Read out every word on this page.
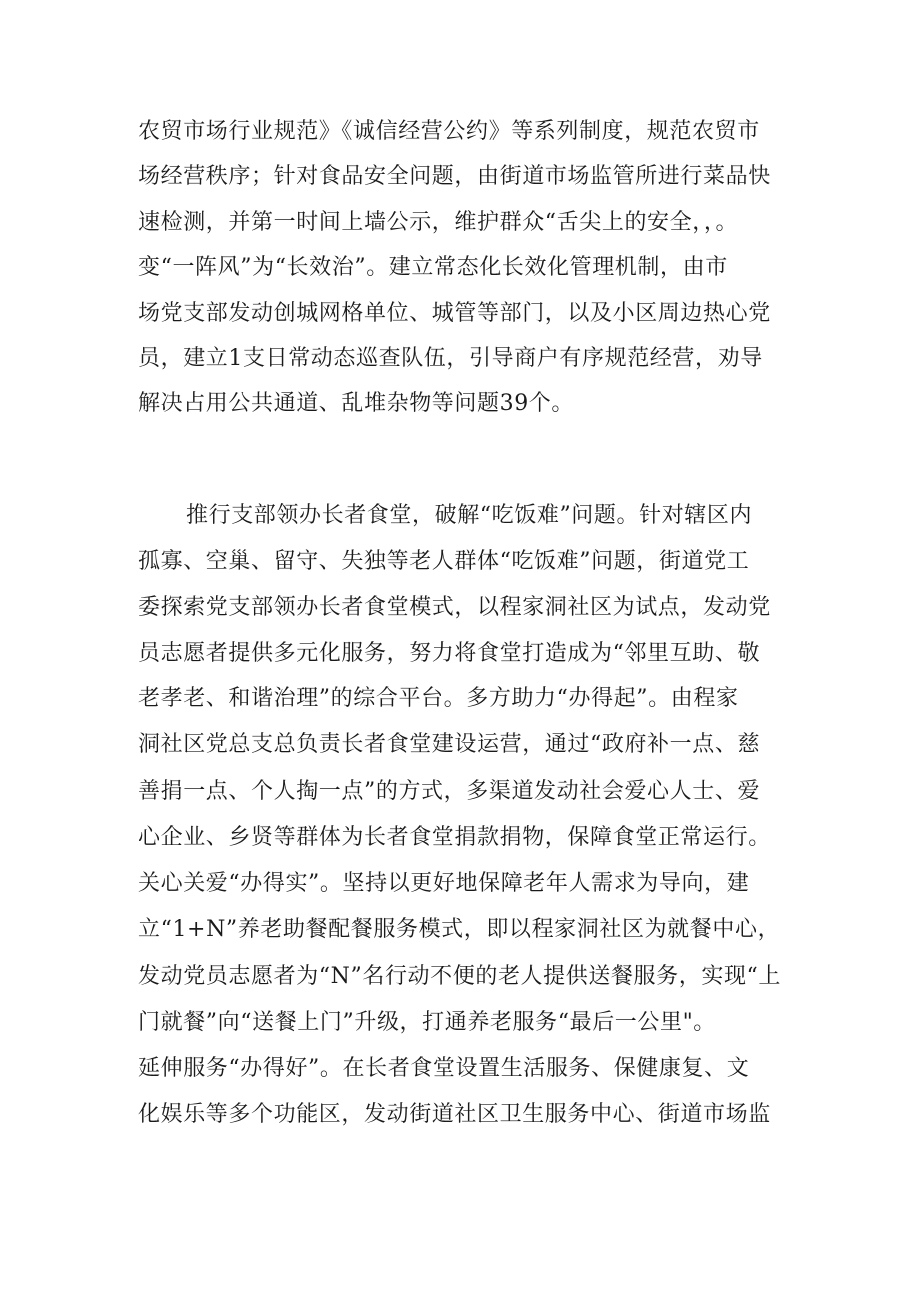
农贸市场行业规范》《诚信经营公约》等系列制度，规范农贸市
场经营秩序；针对食品安全问题，由街道市场监管所进行菜品快
速检测，并第一时间上墙公示，维护群众“舌尖上的安全，，。
变“一阵风”为“长效治”。建立常态化长效化管理机制，由市
场党支部发动创城网格单位、城管等部门，以及小区周边热心党
员，建立1支日常动态巡查队伍，引导商户有序规范经营，劝导
解决占用公共通道、乱堆杂物等问题39个。
推行支部领办长者食堂，破解“吃饭难”问题。针对辖区内
孤寡、空巢、留守、失独等老人群体“吃饭难”问题，街道党工
委探索党支部领办长者食堂模式，以程家洞社区为试点，发动党
员志愿者提供多元化服务，努力将食堂打造成为“邻里互助、敬
老孝老、和谐治理”的综合平台。多方助力“办得起”。由程家
洞社区党总支总负责长者食堂建设运营，通过“政府补一点、慈
善捐一点、个人掏一点”的方式，多渠道发动社会爱心人士、爱
心企业、乡贤等群体为长者食堂捐款捐物，保障食堂正常运行。
关心关爱“办得实”。坚持以更好地保障老年人需求为导向，建
立“1+N”养老助餐配餐服务模式，即以程家洞社区为就餐中心，
发动党员志愿者为“N”名行动不便的老人提供送餐服务，实现“上
门就餐”向“送餐上门”升级，打通养老服务“最后一公里"。
延伸服务“办得好”。在长者食堂设置生活服务、保健康复、文
化娱乐等多个功能区，发动街道社区卫生服务中心、街道市场监
